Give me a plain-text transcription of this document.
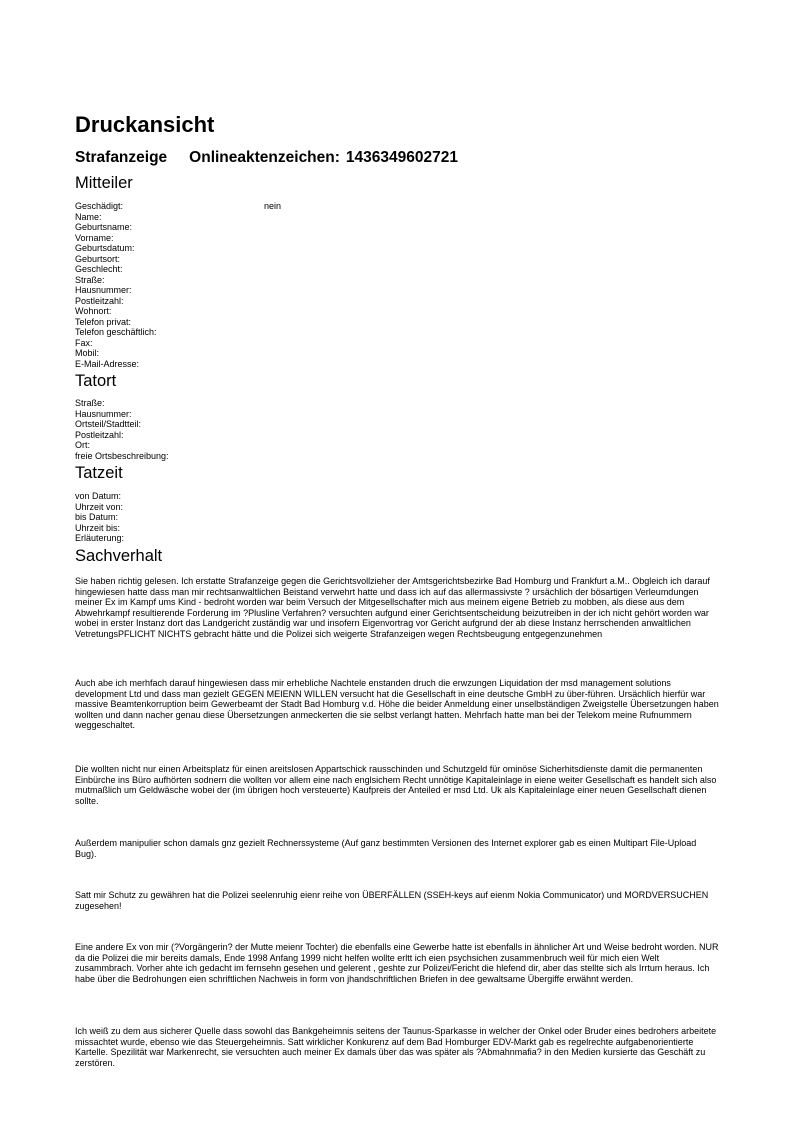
Druckansicht
Strafanzeige Onlineaktenzeichen: 1436349602721
Mitteiler
Geschädigt:	nein
Name:
Geburtsname:
Vorname:
Geburtsdatum:
Geburtsort:
Geschlecht:
Straße:
Hausnummer:
Postleitzahl:
Wohnort:
Telefon privat:
Telefon geschäftlich:
Fax:
Mobil:
E-Mail-Adresse:
Tatort
Straße:
Hausnummer:
Ortsteil/Stadtteil:
Postleitzahl:
Ort:
freie Ortsbeschreibung:
Tatzeit
von Datum:
Uhrzeit von:
bis Datum:
Uhrzeit bis:
Erläuterung:
Sachverhalt

Sie haben richtig gelesen. Ich erstatte Strafanzeige gegen die Gerichtsvollzieher der Amtsgerichtsbezirke Bad Homburg und Frankfurt a.M.. Obgleich ich darauf hingewiesen hatte dass man mir rechtsanwaltlichen Beistand verwehrt hatte und dass ich auf das allermassivste ? ursächlich der bösartigen Verleumdungen meiner Ex im Kampf ums Kind - bedroht worden war beim Versuch der Mitgesellschafter mich aus meinem eigene Betrieb zu mobben, als diese aus dem Abwehrkampf resultierende Forderung im ?Plusline Verfahren? versuchten aufgund einer Gerichtsentscheidung beizutreiben in der ich nicht gehört worden war wobei in erster Instanz dort das Landgericht zuständig war und insofern Eigenvortrag vor Gericht aufgrund der ab diese Instanz herrschenden anwaltlichen VetretungsPFLICHT NICHTS gebracht hätte und die Polizei sich weigerte Strafanzeigen wegen Rechtsbeugung entgegenzunehmen

Auch abe ich merhfach darauf hingewiesen dass mir erhebliche Nachtele enstanden druch die erwzungen Liquidation der msd management solutions development Ltd und dass man gezielt GEGEN MEIENN WILLEN versucht hat die Gesellschaft in eine deutsche GmbH zu über-führen. Ursächlich hierfür war massive Beamtenkorruption beim Gewerbeamt der Stadt Bad Homburg v.d. Höhe die beider Anmeldung einer unselbständigen Zweigstelle Übersetzungen haben wollten und dann nacher genau diese Übersetzungen anmeckerten die sie selbst verlangt hatten. Mehrfach hatte man bei der Telekom meine Rufnummern weggeschaltet.

Die wollten nicht nur einen Arbeitsplatz für einen areitslosen Appartschick rausschinden und Schutzgeld für ominöse Sicherhitsdienste damit die permanenten Einbürche ins Büro aufhörten sodnern die wollten vor allem eine nach englsichem Recht unnötige Kapitaleinlage in eiene weiter Gesellschaft es handelt sich also mutmaßlich um Geldwäsche wobei der (im übrigen hoch versteuerte) Kaufpreis der Anteiled er msd Ltd. Uk als Kapitaleinlage einer neuen Gesellschaft dienen sollte.

Außerdem manipulier schon damals gnz gezielt Rechnerssysteme (Auf ganz bestimmten Versionen des Internet explorer gab es einen Multipart File-Upload Bug).

Satt mir Schutz zu gewähren hat die Polizei seelenruhig eienr reihe von ÜBERFÄLLEN (SSEH-keys auf eienm Nokia Communicator) und MORDVERSUCHEN zugesehen!

Eine andere Ex von mir (?Vorgängerin? der Mutte meienr Tochter) die ebenfalls eine Gewerbe hatte ist ebenfalls in ähnlicher Art und Weise bedroht worden. NUR da die Polizei die mir bereits damals, Ende 1998 Anfang 1999 nicht helfen wollte erltt ich eien psychsichen zusammenbruch weil für mich eien Welt zusammbrach. Vorher ahte ich gedacht im fernsehn gesehen und gelerent , geshte zur Polizei/Fericht die hlefend dir, aber das stellte sich als Irrtum heraus. Ich habe über die Bedrohungen eien schriftlichen Nachweis in form von jhandschriftlichen Briefen in dee gewaltsame Übergiffe erwähnt werden.

Ich weiß zu dem aus sicherer Quelle dass sowohl das Bankgeheimnis seitens der Taunus-Sparkasse in welcher der Onkel oder Bruder eines bedrohers arbeitete missachtet wurde, ebenso wie das Steuergeheimnis. Satt wirklicher Konkurenz auf dem Bad Homburger EDV-Markt gab es regelrechte aufgabenorientierte Kartelle. Spezilität war Markenrecht, sie versuchten auch meiner Ex damals über das was später als ?Abmahnmafia? in den Medien kursierte das Geschäft zu zerstören.
